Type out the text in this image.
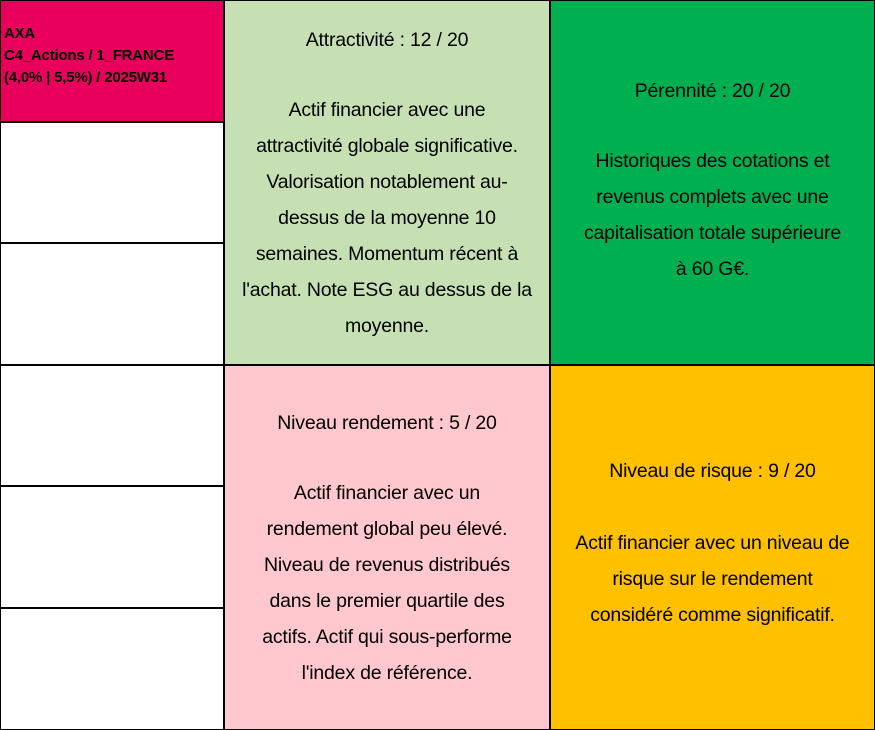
AXA
C4_Actions / 1_FRANCE
(4,0% | 5,5%) / 2025W31
Attractivité : 12 / 20
Actif financier avec une
attractivité globale significative.
Valorisation notablement au-
dessus de la moyenne 10
semaines. Momentum récent à
l'achat. Note ESG au dessus de la
moyenne.
Pérennité : 20 / 20
Historiques des cotations et
revenus complets avec une
capitalisation totale supérieure
à 60 G€.
Niveau rendement : 5 / 20
Actif financier avec un
rendement global peu élevé.
Niveau de revenus distribués
dans le premier quartile des
actifs. Actif qui sous-performe
l'index de référence.
Niveau de risque : 9 / 20
Actif financier avec un niveau de
risque sur le rendement
considéré comme significatif.
